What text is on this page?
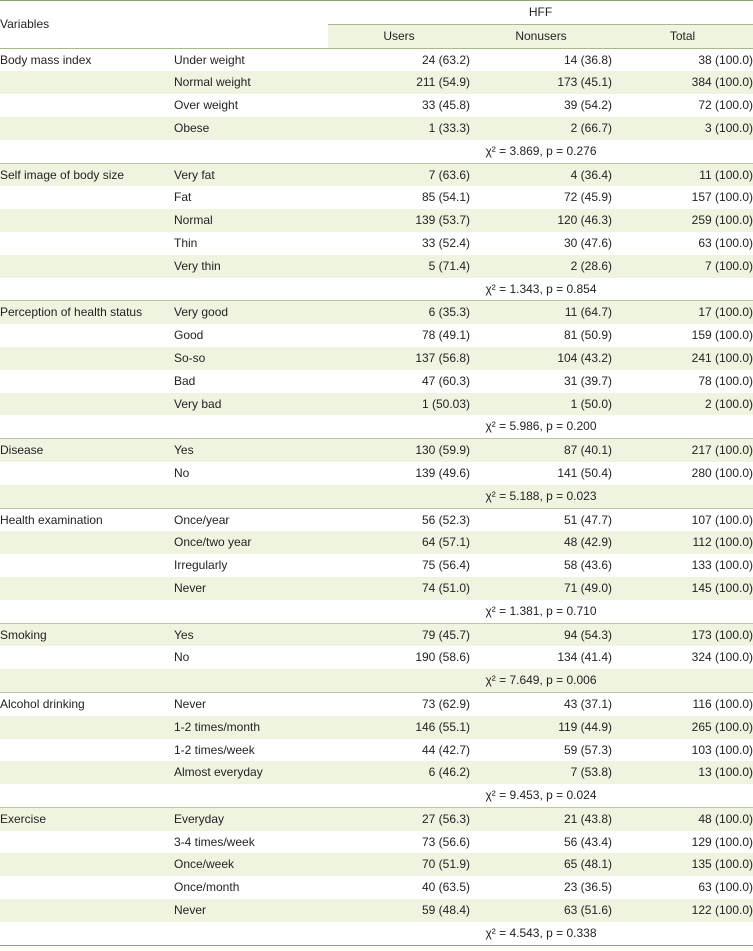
Variables		HFF		
		Users	Nonusers	Total
Body mass index	Under weight	24 (63.2)	14 (36.8)	38 (100.0)
	Normal weight	211 (54.9)	173 (45.1)	384 (100.0)
	Over weight	33 (45.8)	39 (54.2)	72 (100.0)
	Obese	1 (33.3)	2 (66.7)	3 (100.0)
			χ² = 3.869, p = 0.276	
Self image of body size	Very fat	7 (63.6)	4 (36.4)	11 (100.0)
	Fat	85 (54.1)	72 (45.9)	157 (100.0)
	Normal	139 (53.7)	120 (46.3)	259 (100.0)
	Thin	33 (52.4)	30 (47.6)	63 (100.0)
	Very thin	5 (71.4)	2 (28.6)	7 (100.0)
			χ² = 1.343, p = 0.854	
Perception of health status	Very good	6 (35.3)	11 (64.7)	17 (100.0)
	Good	78 (49.1)	81 (50.9)	159 (100.0)
	So-so	137 (56.8)	104 (43.2)	241 (100.0)
	Bad	47 (60.3)	31 (39.7)	78 (100.0)
	Very bad	1 (50.03)	1 (50.0)	2 (100.0)
			χ² = 5.986, p = 0.200	
Disease	Yes	130 (59.9)	87 (40.1)	217 (100.0)
	No	139 (49.6)	141 (50.4)	280 (100.0)
			χ² = 5.188, p = 0.023	
Health examination	Once/year	56 (52.3)	51 (47.7)	107 (100.0)
	Once/two year	64 (57.1)	48 (42.9)	112 (100.0)
	Irregularly	75 (56.4)	58 (43.6)	133 (100.0)
	Never	74 (51.0)	71 (49.0)	145 (100.0)
			χ² = 1.381, p = 0.710	
Smoking	Yes	79 (45.7)	94 (54.3)	173 (100.0)
	No	190 (58.6)	134 (41.4)	324 (100.0)
			χ² = 7.649, p = 0.006	
Alcohol drinking	Never	73 (62.9)	43 (37.1)	116 (100.0)
	1-2 times/month	146 (55.1)	119 (44.9)	265 (100.0)
	1-2 times/week	44 (42.7)	59 (57.3)	103 (100.0)
	Almost everyday	6 (46.2)	7 (53.8)	13 (100.0)
			χ² = 9.453, p = 0.024	
Exercise	Everyday	27 (56.3)	21 (43.8)	48 (100.0)
	3-4 times/week	73 (56.6)	56 (43.4)	129 (100.0)
	Once/week	70 (51.9)	65 (48.1)	135 (100.0)
	Once/month	40 (63.5)	23 (36.5)	63 (100.0)
	Never	59 (48.4)	63 (51.6)	122 (100.0)
			χ² = 4.543, p = 0.338	
